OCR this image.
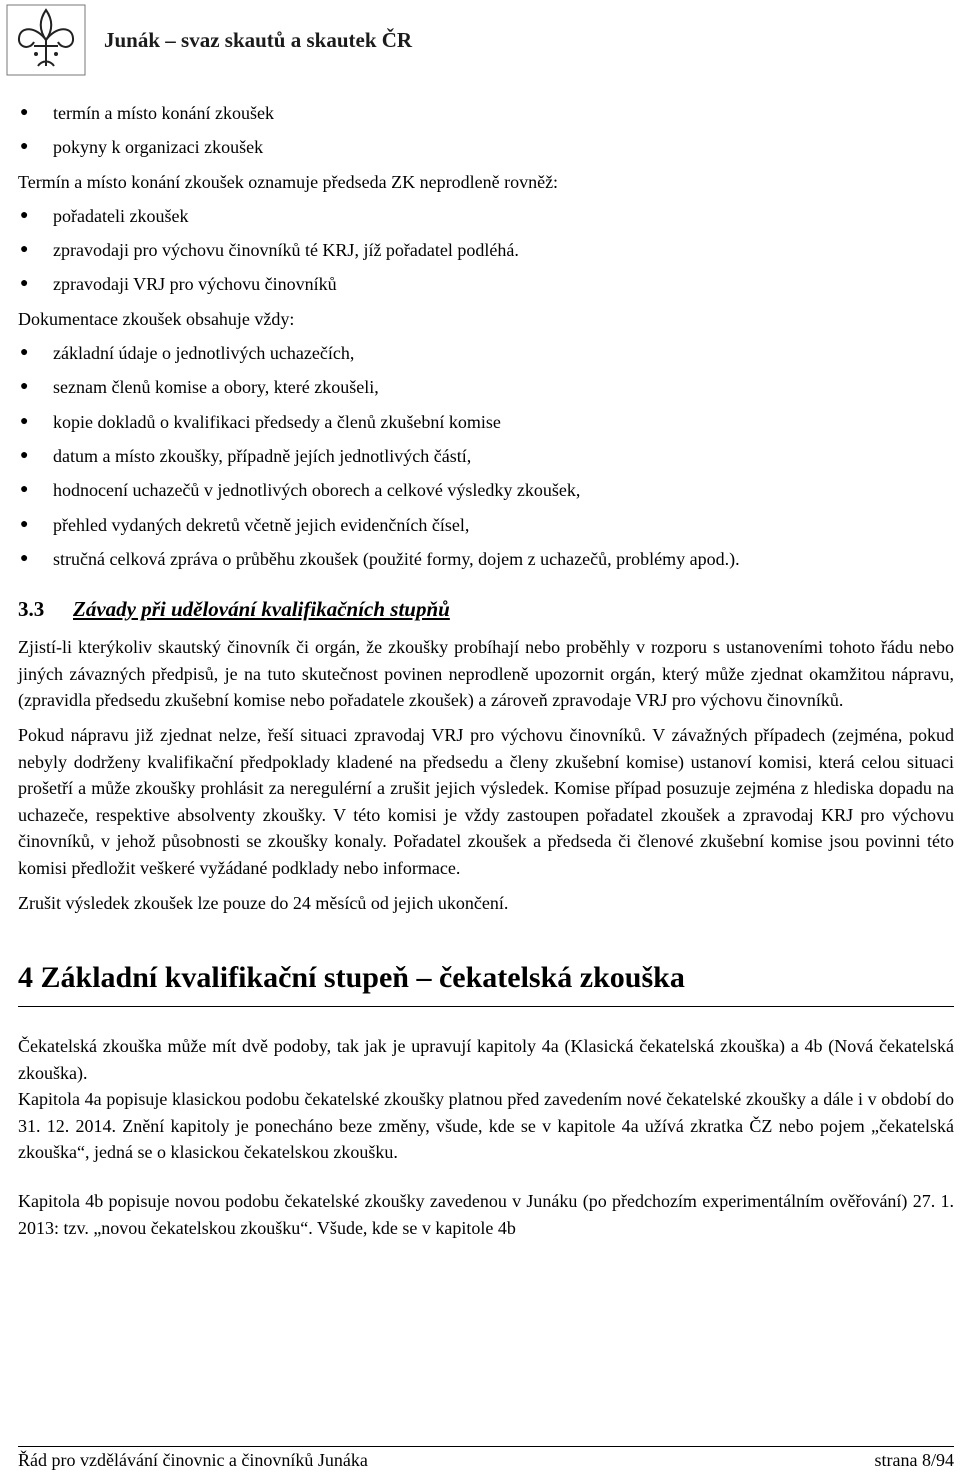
Junák – svaz skautů a skautek ČR
● termín a místo konání zkoušek
● pokyny k organizaci zkoušek
Termín a místo konání zkoušek oznamuje předseda ZK neprodleně rovněž:
● pořadateli zkoušek
● zpravodaji pro výchovu činovníků té KRJ, jíž pořadatel podléhá.
● zpravodaji VRJ pro výchovu činovníků
Dokumentace zkoušek obsahuje vždy:
● základní údaje o jednotlivých uchazečích,
● seznam členů komise a obory, které zkoušeli,
● kopie dokladů o kvalifikaci předsedy a členů zkušební komise
● datum a místo zkoušky, případně jejích jednotlivých částí,
● hodnocení uchazečů v jednotlivých oborech a celkové výsledky zkoušek,
● přehled vydaných dekretů včetně jejich evidenčních čísel,
● stručná celková zpráva o průběhu zkoušek (použité formy, dojem z uchazečů, problémy apod.).
3.3 Závady při udělování kvalifikačních stupňů

Zjistí-li kterýkoliv skautský činovník či orgán, že zkoušky probíhají nebo proběhly v rozporu s ustanoveními tohoto řádu nebo jiných závazných předpisů, je na tuto skutečnost povinen neprodleně upozornit orgán, který může zjednat okamžitou nápravu, (zpravidla předsedu zkušební komise nebo pořadatele zkoušek) a zároveň zpravodaje VRJ pro výchovu činovníků.

Pokud nápravu již zjednat nelze, řeší situaci zpravodaj VRJ pro výchovu činovníků. V závažných případech (zejména, pokud nebyly dodrženy kvalifikační předpoklady kladené na předsedu a členy zkušební komise) ustanoví komisi, která celou situaci prošetří a může zkoušky prohlásit za neregulérní a zrušit jejich výsledek. Komise případ posuzuje zejména z hlediska dopadu na uchazeče, respektive absolventy zkoušky. V této komisi je vždy zastoupen pořadatel zkoušek a zpravodaj KRJ pro výchovu činovníků, v jehož působnosti se zkoušky konaly. Pořadatel zkoušek a předseda či členové zkušební komise jsou povinni této komisi předložit veškeré vyžádané podklady nebo informace.

Zrušit výsledek zkoušek lze pouze do 24 měsíců od jejich ukončení.

4 Základní kvalifikační stupeň – čekatelská zkouška

Čekatelská zkouška může mít dvě podoby, tak jak je upravují kapitoly 4a (Klasická čekatelská zkouška) a 4b (Nová čekatelská zkouška).

Kapitola 4a popisuje klasickou podobu čekatelské zkoušky platnou před zavedením nové čekatelské zkoušky a dále i v období do 31. 12. 2014. Znění kapitoly je ponecháno beze změny, všude, kde se v kapitole 4a užívá zkratka ČZ nebo pojem „čekatelská zkouška“, jedná se o klasickou čekatelskou zkoušku.

Kapitola 4b popisuje novou podobu čekatelské zkoušky zavedenou v Junáku (po předchozím experimentálním ověřování) 27. 1. 2013: tzv. „novou čekatelskou zkoušku“. Všude, kde se v kapitole 4b

Řád pro vzdělávání činovnic a činovníků Junáka	strana 8/94
